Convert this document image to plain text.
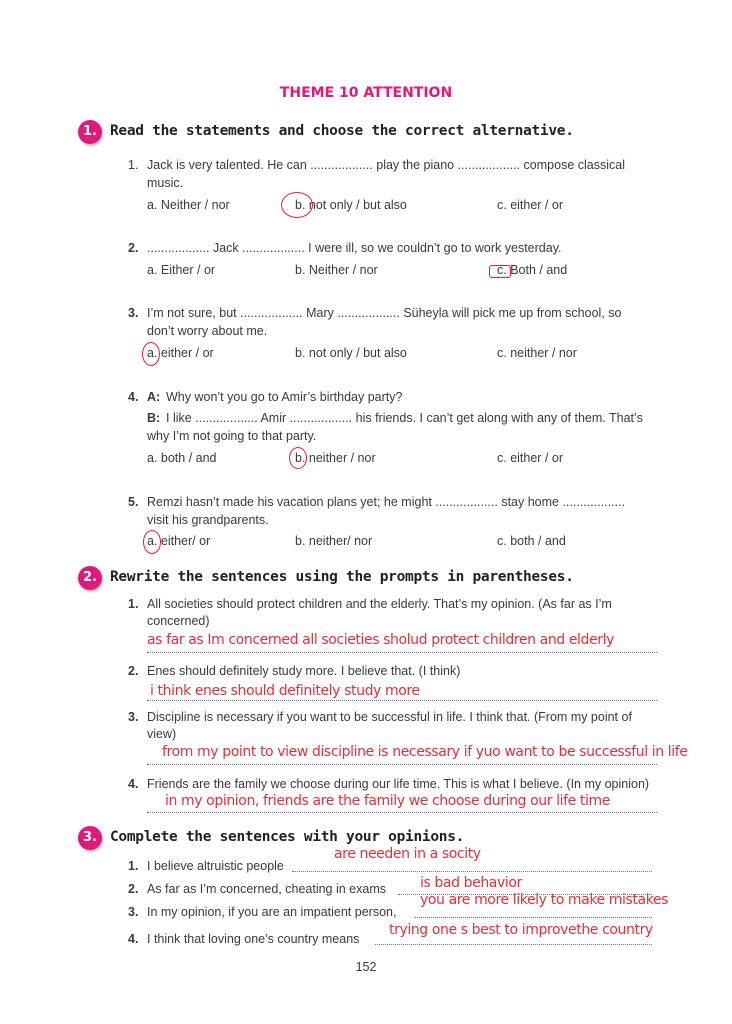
THEME 10 ATTENTION
1. Read the statements and choose the correct alternative.
1. Jack is very talented. He can .................. play the piano .................. compose classical
music.
a. Neither / nor	b. not only / but also	c. either / or
2. .................. Jack .................. I were ill, so we couldn’t go to work yesterday.
a. Either / or	b. Neither / nor	c. Both / and
3. I’m not sure, but .................. Mary .................. Süheyla will pick me up from school, so
don’t worry about me.
a. either / or	b. not only / but also	c. neither / nor
4. A: Why won’t you go to Amir’s birthday party?
B: I like .................. Amir .................. his friends. I can’t get along with any of them. That’s
why I’m not going to that party.
a. both / and	b. neither / nor	c. either / or
5. Remzi hasn’t made his vacation plans yet; he might .................. stay home ..................
visit his grandparents.
a. either/ or	b. neither/ nor	c. both / and
2. Rewrite the sentences using the prompts in parentheses.
1. All societies should protect children and the elderly. That’s my opinion. (As far as I’m
concerned)
as far as Im concerned all societies sholud protect children and elderly
2. Enes should definitely study more. I believe that. (I think)
i think enes should definitely study more
3. Discipline is necessary if you want to be successful in life. I think that. (From my point of
view)
from my point to view discipline is necessary if yuo want to be successful in life
4. Friends are the family we choose during our life time. This is what I believe. (In my opinion)
in my opinion, friends are the family we choose during our life time
3. Complete the sentences with your opinions.
1. I believe altruistic people
are needen in a socity
2. As far as I’m concerned, cheating in exams is bad behavior
3. In my opinion, if you are an impatient person,
you are more likely to make mistakes
4. I think that loving one’s country means
trying one s best to improvethe country
152
